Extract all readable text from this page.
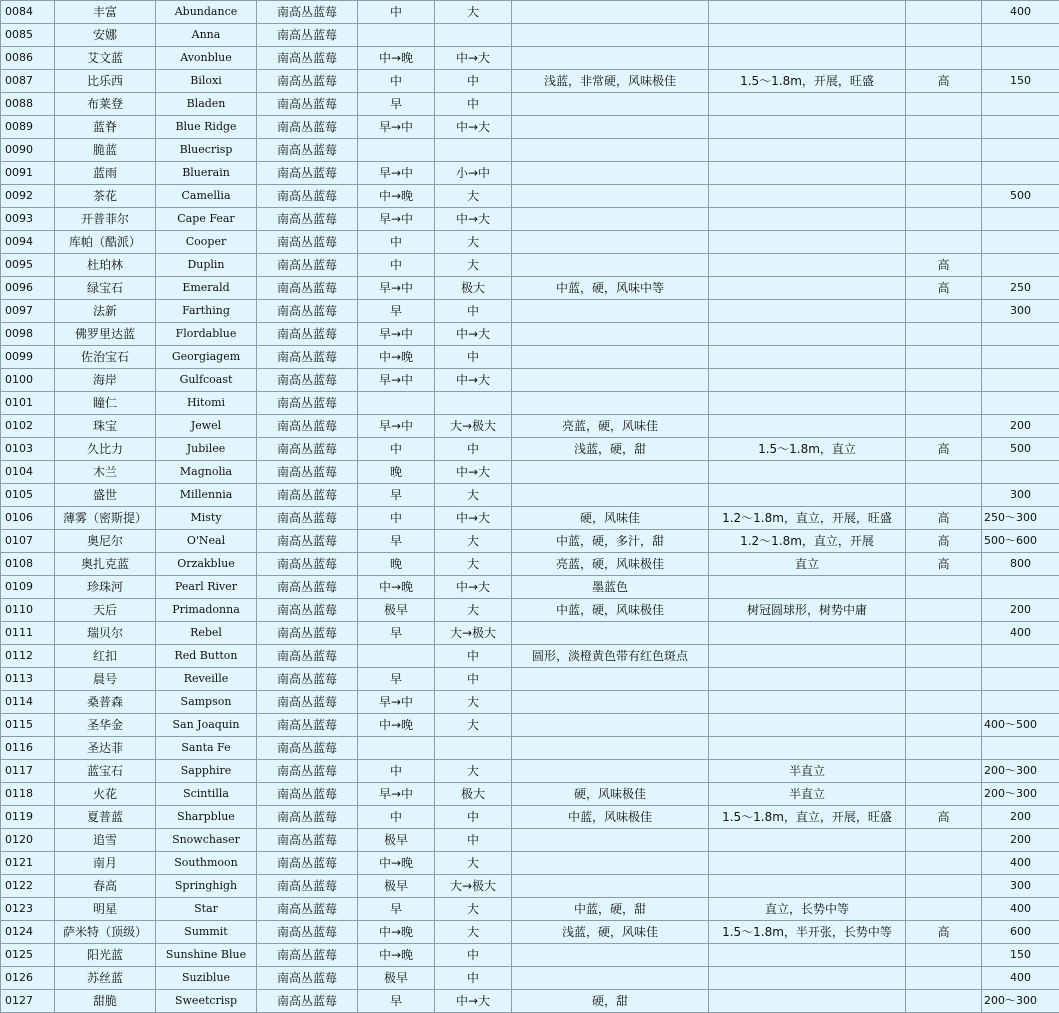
0084	丰富	Abundance	南高丛蓝莓	中	大				400
0085	安娜	Anna	南高丛蓝莓						
0086	艾文蓝	Avonblue	南高丛蓝莓	中→晚	中→大				
0087	比乐西	Biloxi	南高丛蓝莓	中	中	浅蓝，非常硬，风味极佳	1.5～1.8m，开展，旺盛	高	150
0088	布莱登	Bladen	南高丛蓝莓	早	中				
0089	蓝脊	Blue Ridge	南高丛蓝莓	早→中	中→大				
0090	脆蓝	Bluecrisp	南高丛蓝莓						
0091	蓝雨	Bluerain	南高丛蓝莓	早→中	小→中				
0092	茶花	Camellia	南高丛蓝莓	中→晚	大				500
0093	开普菲尔	Cape Fear	南高丛蓝莓	早→中	中→大				
0094	库帕（酷派）	Cooper	南高丛蓝莓	中	大				
0095	杜珀林	Duplin	南高丛蓝莓	中	大			高	
0096	绿宝石	Emerald	南高丛蓝莓	早→中	极大	中蓝，硬，风味中等		高	250
0097	法新	Farthing	南高丛蓝莓	早	中				300
0098	佛罗里达蓝	Flordablue	南高丛蓝莓	早→中	中→大				
0099	佐治宝石	Georgiagem	南高丛蓝莓	中→晚	中				
0100	海岸	Gulfcoast	南高丛蓝莓	早→中	中→大				
0101	瞳仁	Hitomi	南高丛蓝莓						
0102	珠宝	Jewel	南高丛蓝莓	早→中	大→极大	亮蓝，硬，风味佳			200
0103	久比力	Jubilee	南高丛蓝莓	中	中	浅蓝，硬，甜	1.5～1.8m，直立	高	500
0104	木兰	Magnolia	南高丛蓝莓	晚	中→大				
0105	盛世	Millennia	南高丛蓝莓	早	大				300
0106	薄雾（密斯提）	Misty	南高丛蓝莓	中	中→大	硬，风味佳	1.2～1.8m，直立，开展，旺盛	高	250～300
0107	奥尼尔	O'Neal	南高丛蓝莓	早	大	中蓝，硬，多汁，甜	1.2～1.8m，直立，开展	高	500～600
0108	奥扎克蓝	Orzakblue	南高丛蓝莓	晚	大	亮蓝，硬，风味极佳	直立	高	800
0109	珍珠河	Pearl River	南高丛蓝莓	中→晚	中→大	墨蓝色			
0110	天后	Primadonna	南高丛蓝莓	极早	大	中蓝，硬，风味极佳	树冠圆球形，树势中庸		200
0111	瑞贝尔	Rebel	南高丛蓝莓	早	大→极大				400
0112	红扣	Red Button	南高丛蓝莓		中	圆形，淡橙黄色带有红色斑点			
0113	晨号	Reveille	南高丛蓝莓	早	中				
0114	桑普森	Sampson	南高丛蓝莓	早→中	大				
0115	圣华金	San Joaquin	南高丛蓝莓	中→晚	大				400～500
0116	圣达菲	Santa Fe	南高丛蓝莓						
0117	蓝宝石	Sapphire	南高丛蓝莓	中	大		半直立		200～300
0118	火花	Scintilla	南高丛蓝莓	早→中	极大	硬，风味极佳	半直立		200～300
0119	夏普蓝	Sharpblue	南高丛蓝莓	中	中	中蓝，风味极佳	1.5～1.8m，直立，开展，旺盛	高	200
0120	追雪	Snowchaser	南高丛蓝莓	极早	中				200
0121	南月	Southmoon	南高丛蓝莓	中→晚	大				400
0122	春高	Springhigh	南高丛蓝莓	极早	大→极大				300
0123	明星	Star	南高丛蓝莓	早	大	中蓝，硬，甜	直立，长势中等		400
0124	萨米特（顶级）	Summit	南高丛蓝莓	中→晚	大	浅蓝，硬，风味佳	1.5～1.8m，半开张，长势中等	高	600
0125	阳光蓝	Sunshine Blue	南高丛蓝莓	中→晚	中				150
0126	苏丝蓝	Suziblue	南高丛蓝莓	极早	中				400
0127	甜脆	Sweetcrisp	南高丛蓝莓	早	中→大	硬，甜			200～300
